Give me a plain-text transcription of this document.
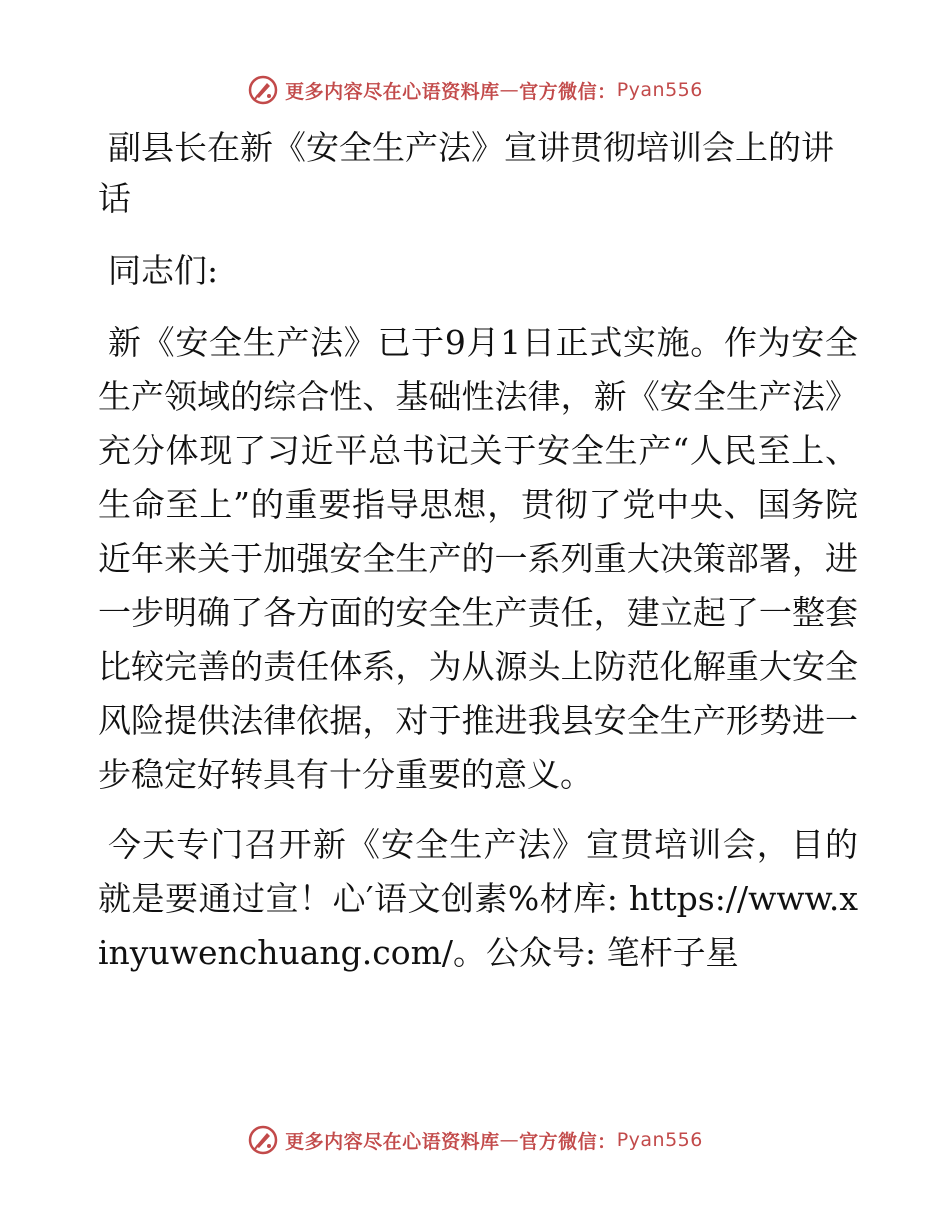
更多内容尽在心语资料库 — 官方微信： Pyan556
副县长在新《安全生产法》宣讲贯彻培训会上的讲话

同志们:

新《安全生产法》已于9月1日正式实施。作为安全生产领域的综合性、基础性法律，新《安全生产法》充分体现了习近平总书记关于安全生产“人民至上、生命至上”的重要指导思想，贯彻了党中央、国务院近年来关于加强安全生产的一系列重大决策部署，进一步明确了各方面的安全生产责任，建立起了一整套比较完善的责任体系，为从源头上防范化解重大安全风险提供法律依据，对于推进我县安全生产形势进一步稳定好转具有十分重要的意义。

今天专门召开新《安全生产法》宣贯培训会，目的就是要通过宣！心′语文创素%材库: https://www.xinyuwenchuang.com/。公众号: 笔杆子星

更多内容尽在心语资料库 — 官方微信： Pyan556
